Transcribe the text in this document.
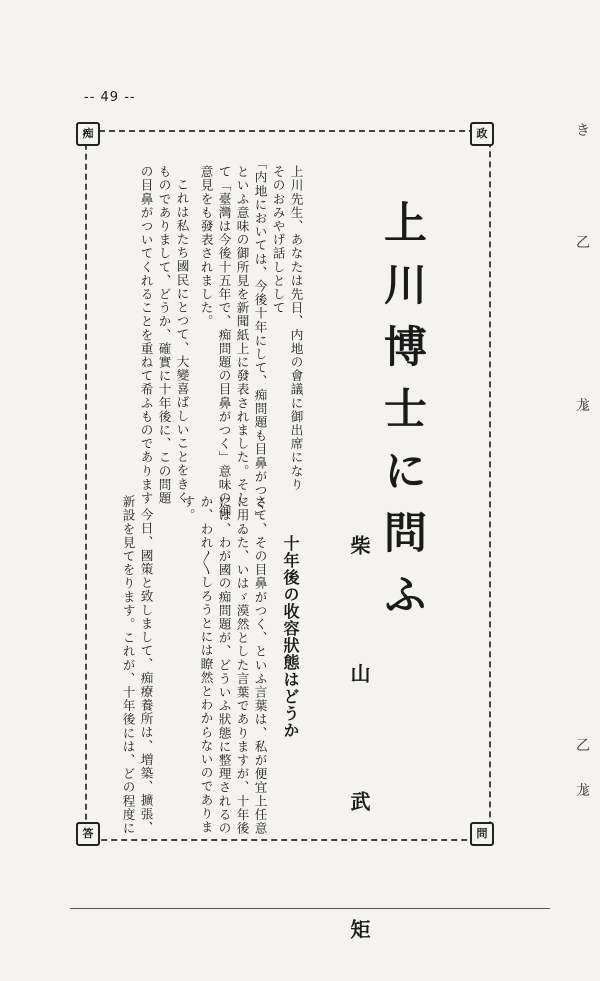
-- 49 --
痴	政
答	問
上川博士に問ふ
柴 山 武 矩
十年後の收容狀態はどうか
上川先生、あなたは先日、内地の會議に御出席になり
そのおみやげ話しとして
「内地においては、今後十年にして、痴問題も目鼻がつく」
といふ意味の御所見を新聞紙上に發表されました。そし
て「臺灣は今後十五年で、痴問題の目鼻がつく」意味の御
意見をも發表されました。
これは私たち國民にとつて、大變喜ばしいことをきく
ものでありまして、どうか、確實に十年後に、この問題
の目鼻がついてくれることを重ねて希ふものであります
さて、その目鼻がつく、といふ言葉は、私が便宜上任意
に用ゐた、いはゞ漠然とした言葉でありますが、十年後
には、わが國の痴問題が、どういふ狀態に整理されるの
か、われ〳〵しろうとには瞭然とわからないのでありま
す。
今日、國策と致しまして、痴療養所は、増築、擴張、
新設を見てをります。これが、十年後には、どの程度に
き
乙
尨
乙
尨
